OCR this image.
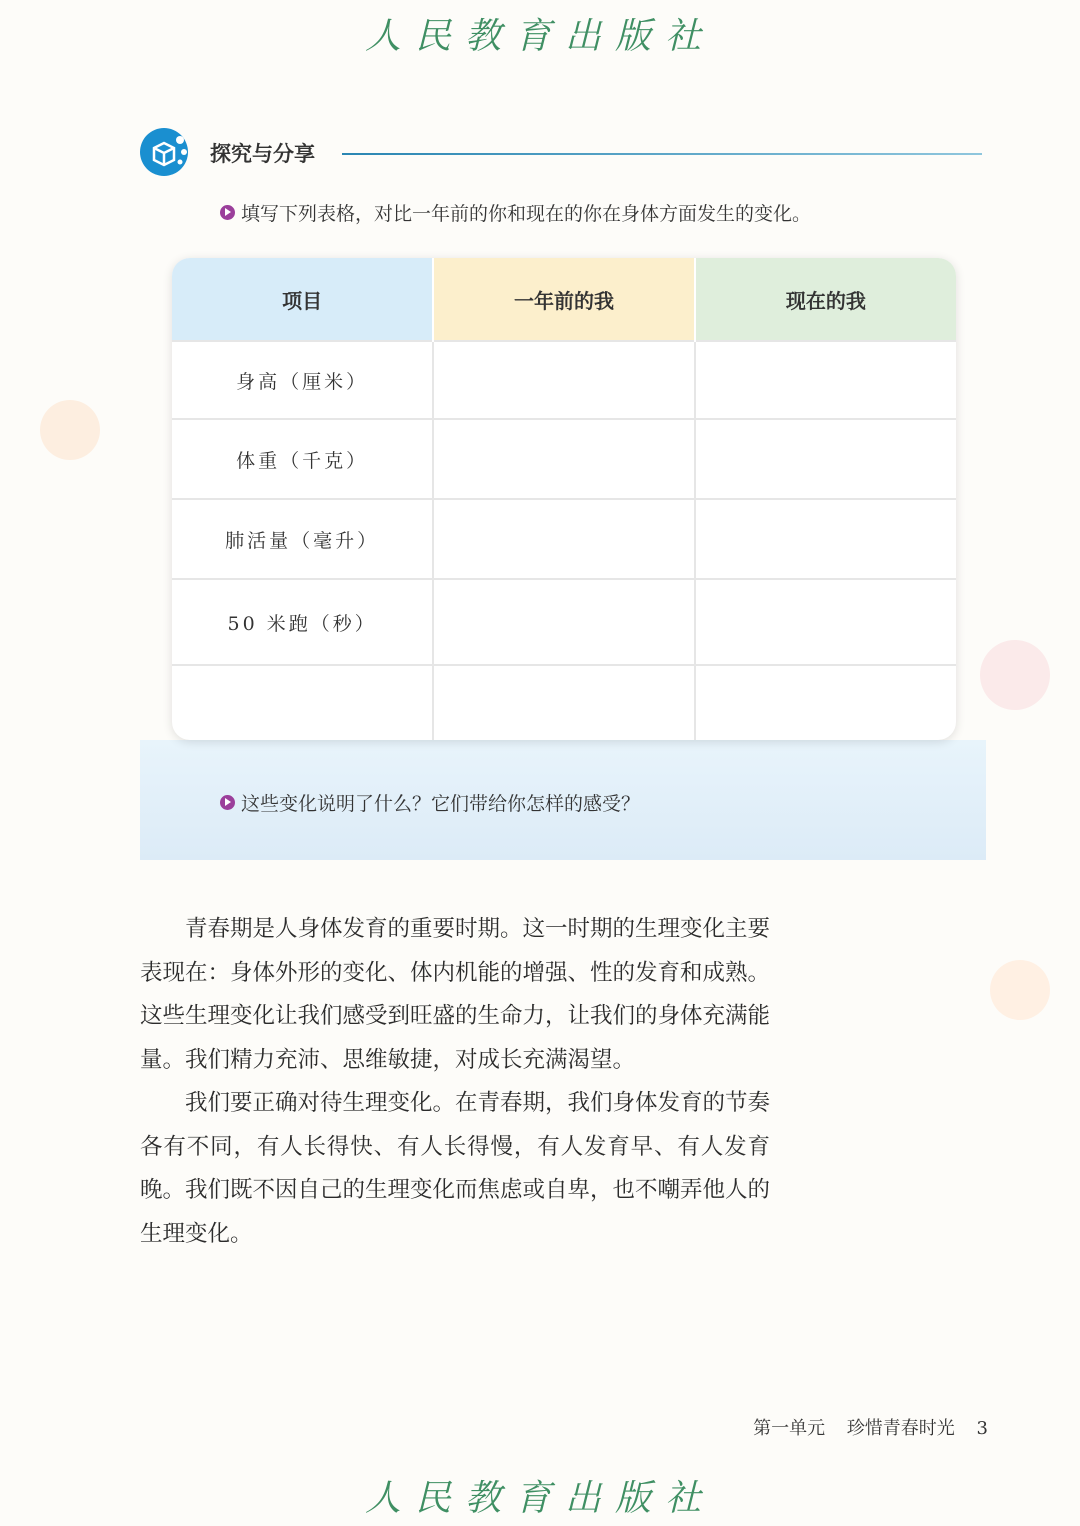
人民教育出版社
探究与分享
填写下列表格，对比一年前的你和现在的你在身体方面发生的变化。
项目	一年前的我	现在的我
身高（厘米）		
体重（千克）		
肺活量（毫升）		
50 米跑（秒）		

这些变化说明了什么？它们带给你怎样的感受？

青春期是人身体发育的重要时期。这一时期的生理变化主要表现在：身体外形的变化、体内机能的增强、性的发育和成熟。这些生理变化让我们感受到旺盛的生命力，让我们的身体充满能量。我们精力充沛、思维敏捷，对成长充满渴望。

我们要正确对待生理变化。在青春期，我们身体发育的节奏各有不同，有人长得快、有人长得慢，有人发育早、有人发育晚。我们既不因自己的生理变化而焦虑或自卑，也不嘲弄他人的生理变化。

第一单元 珍惜青春时光 3
人民教育出版社
